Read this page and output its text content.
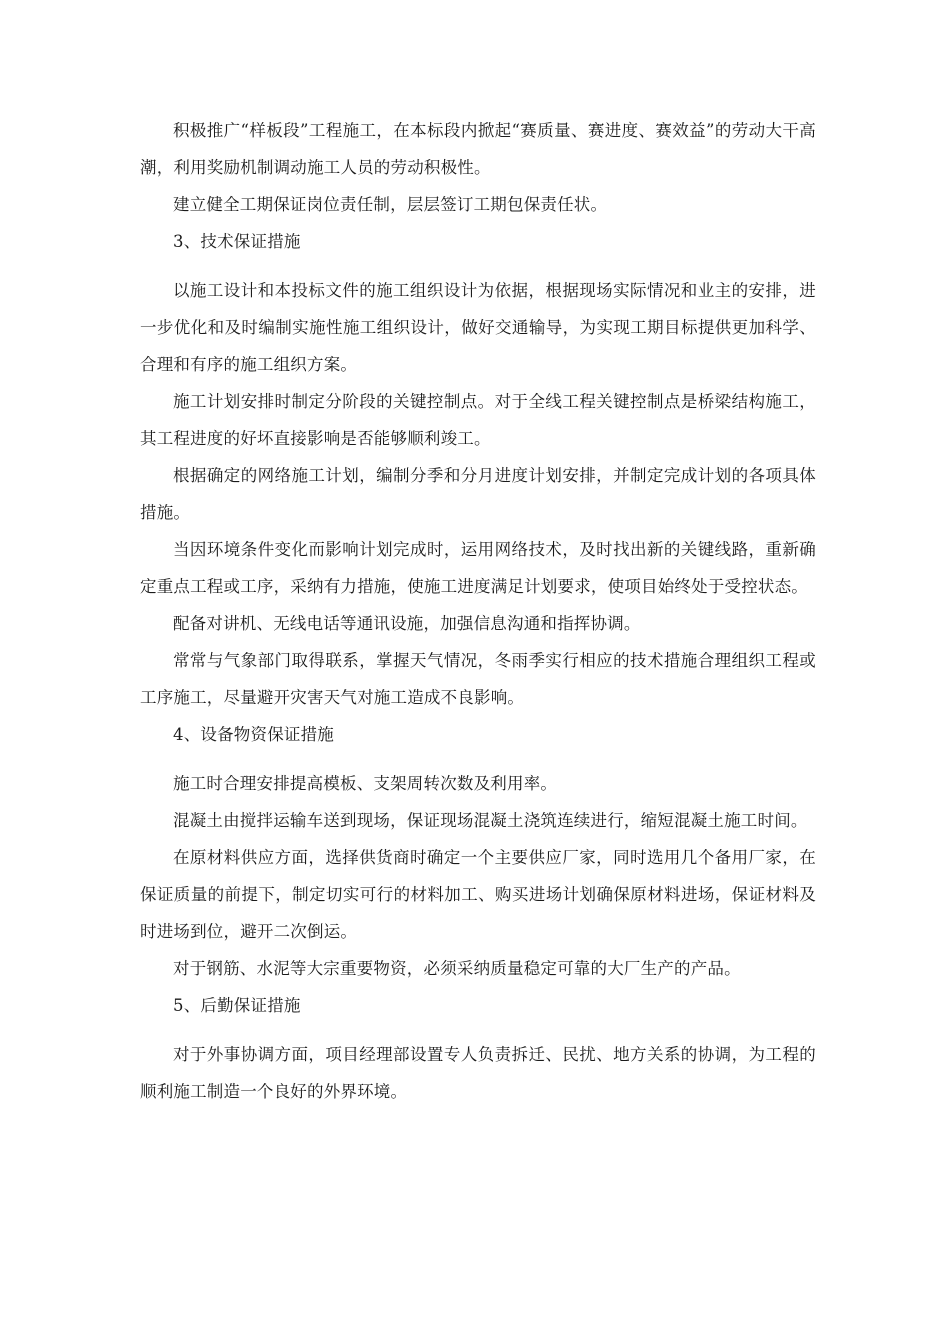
积极推广“样板段”工程施工，在本标段内掀起“赛质量、赛进度、赛效益”的劳动大干高潮，利用奖励机制调动施工人员的劳动积极性。

建立健全工期保证岗位责任制，层层签订工期包保责任状。

3、技术保证措施

以施工设计和本投标文件的施工组织设计为依据，根据现场实际情况和业主的安排，进一步优化和及时编制实施性施工组织设计，做好交通输导，为实现工期目标提供更加科学、合理和有序的施工组织方案。

施工计划安排时制定分阶段的关键控制点。对于全线工程关键控制点是桥梁结构施工，其工程进度的好坏直接影响是否能够顺利竣工。

根据确定的网络施工计划，编制分季和分月进度计划安排，并制定完成计划的各项具体措施。

当因环境条件变化而影响计划完成时，运用网络技术，及时找出新的关键线路，重新确定重点工程或工序，采纳有力措施，使施工进度满足计划要求，使项目始终处于受控状态。

配备对讲机、无线电话等通讯设施，加强信息沟通和指挥协调。

常常与气象部门取得联系，掌握天气情况，冬雨季实行相应的技术措施合理组织工程或工序施工，尽量避开灾害天气对施工造成不良影响。

4、设备物资保证措施

施工时合理安排提高模板、支架周转次数及利用率。

混凝土由搅拌运输车送到现场，保证现场混凝土浇筑连续进行，缩短混凝土施工时间。

在原材料供应方面，选择供货商时确定一个主要供应厂家，同时选用几个备用厂家，在保证质量的前提下，制定切实可行的材料加工、购买进场计划确保原材料进场，保证材料及时进场到位，避开二次倒运。

对于钢筋、水泥等大宗重要物资，必须采纳质量稳定可靠的大厂生产的产品。

5、后勤保证措施

对于外事协调方面，项目经理部设置专人负责拆迁、民扰、地方关系的协调，为工程的顺利施工制造一个良好的外界环境。
